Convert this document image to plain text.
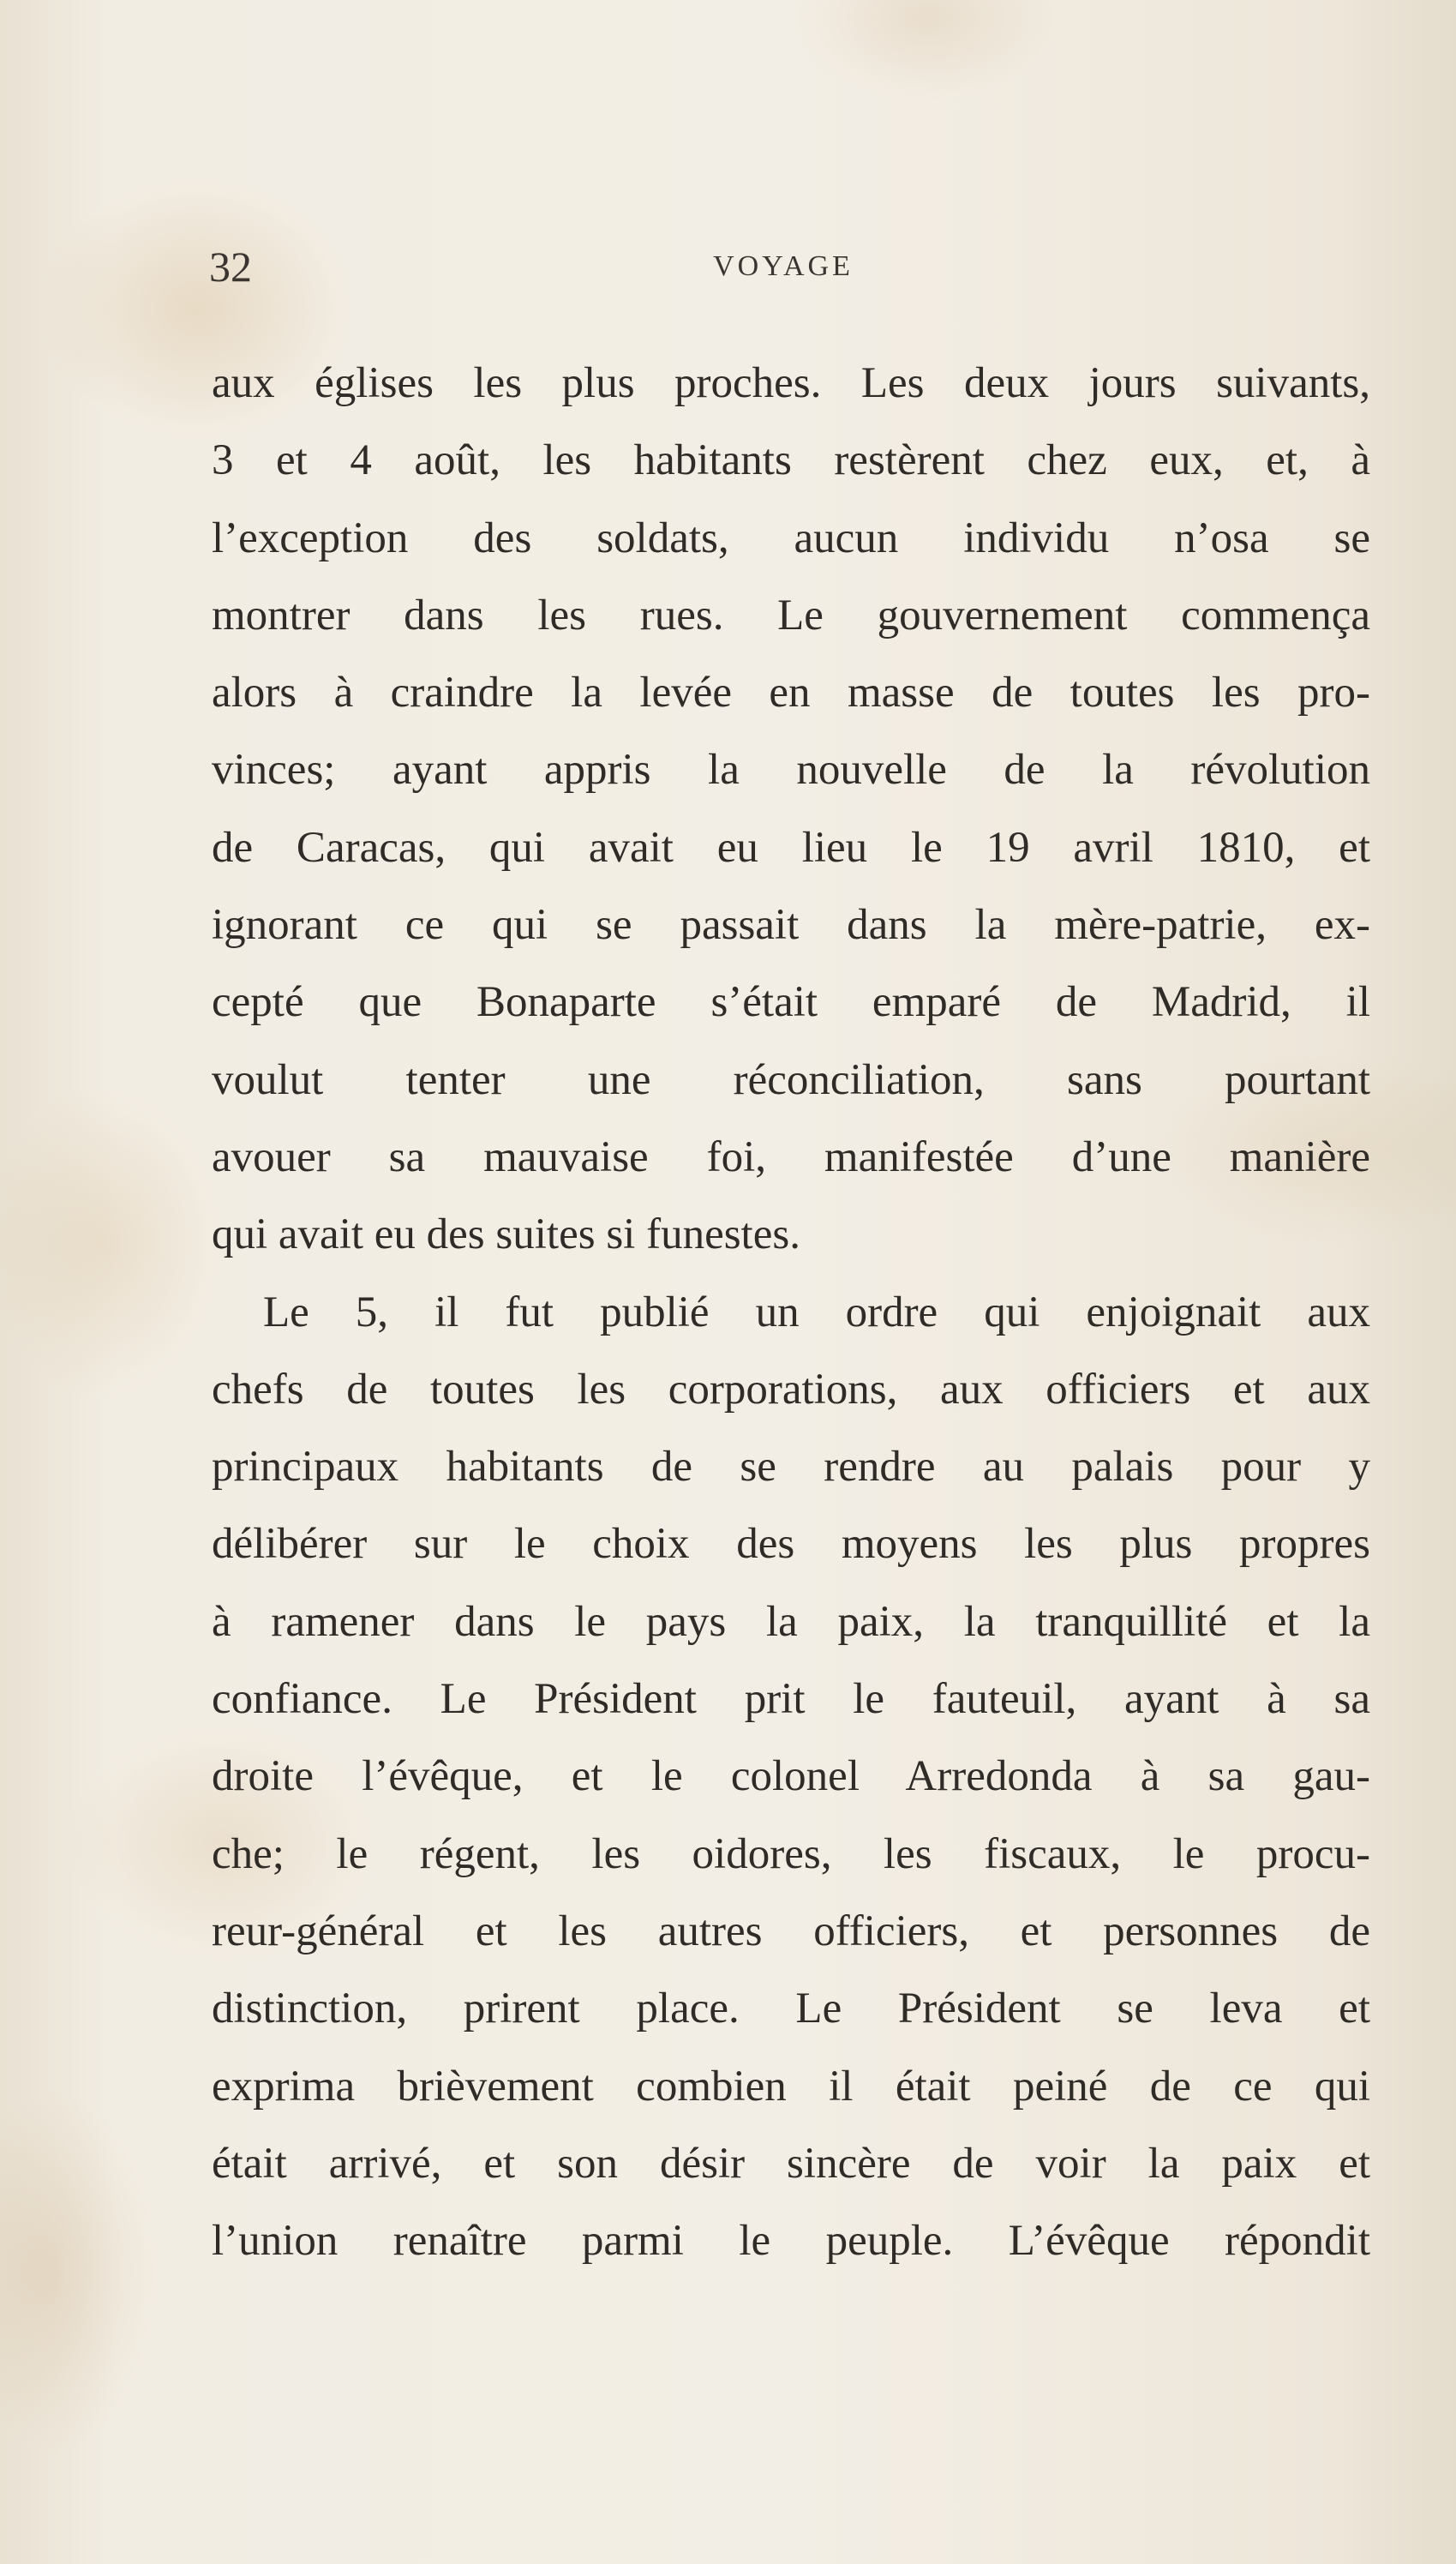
32	VOYAGE
aux églises les plus proches. Les deux jours suivants,
3 et 4 août, les habitants restèrent chez eux, et, à
l’exception des soldats, aucun individu n’osa se
montrer dans les rues. Le gouvernement commença
alors à craindre la levée en masse de toutes les pro-
vinces; ayant appris la nouvelle de la révolution
de Caracas, qui avait eu lieu le 19 avril 1810, et
ignorant ce qui se passait dans la mère-patrie, ex-
cepté que Bonaparte s’était emparé de Madrid, il
voulut tenter une réconciliation, sans pourtant
avouer sa mauvaise foi, manifestée d’une manière
qui avait eu des suites si funestes.
Le 5, il fut publié un ordre qui enjoignait aux
chefs de toutes les corporations, aux officiers et aux
principaux habitants de se rendre au palais pour y
délibérer sur le choix des moyens les plus propres
à ramener dans le pays la paix, la tranquillité et la
confiance. Le Président prit le fauteuil, ayant à sa
droite l’évêque, et le colonel Arredonda à sa gau-
che; le régent, les oidores, les fiscaux, le procu-
reur-général et les autres officiers, et personnes de
distinction, prirent place. Le Président se leva et
exprima brièvement combien il était peiné de ce qui
était arrivé, et son désir sincère de voir la paix et
l’union renaître parmi le peuple. L’évêque répondit
